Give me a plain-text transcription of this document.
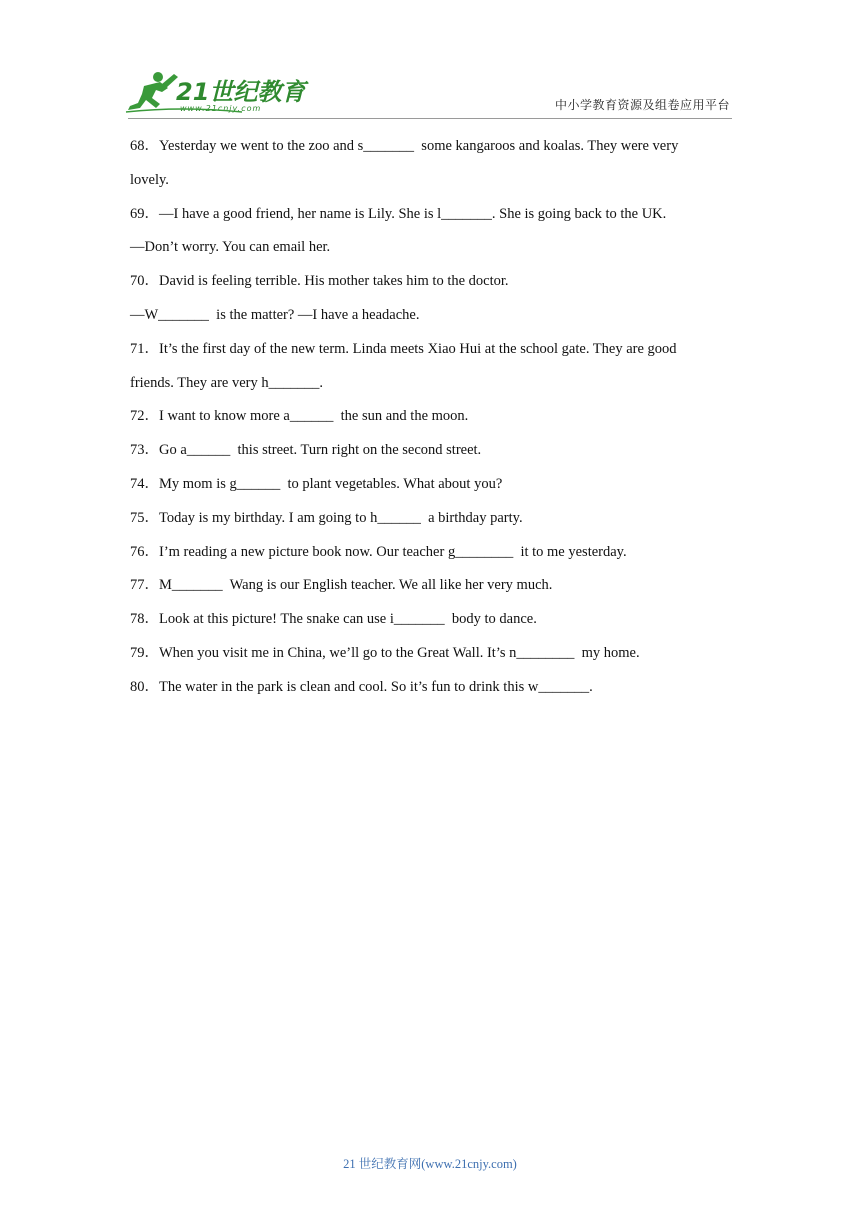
21世纪教育
www.21cnjy.com	中小学教育资源及组卷应用平台
68．Yesterday we went to the zoo and s_______  some kangaroos and koalas. They were very
lovely.
69．—I have a good friend, her name is Lily. She is l_______. She is going back to the UK.
—Don’t worry. You can email her.
70．David is feeling terrible. His mother takes him to the doctor.
—W_______  is the matter? —I have a headache.
71．It’s the first day of the new term. Linda meets Xiao Hui at the school gate. They are good
friends. They are very h_______.
72．I want to know more a______  the sun and the moon.
73．Go a______  this street. Turn right on the second street.
74．My mom is g______  to plant vegetables. What about you?
75．Today is my birthday. I am going to h______  a birthday party.
76．I’m reading a new picture book now. Our teacher g________  it to me yesterday.
77．M_______  Wang is our English teacher. We all like her very much.
78．Look at this picture! The snake can use i_______  body to dance.
79．When you visit me in China, we’ll go to the Great Wall. It’s n________  my home.
80．The water in the park is clean and cool. So it’s fun to drink this w_______.
21 世纪教育网(www.21cnjy.com)
